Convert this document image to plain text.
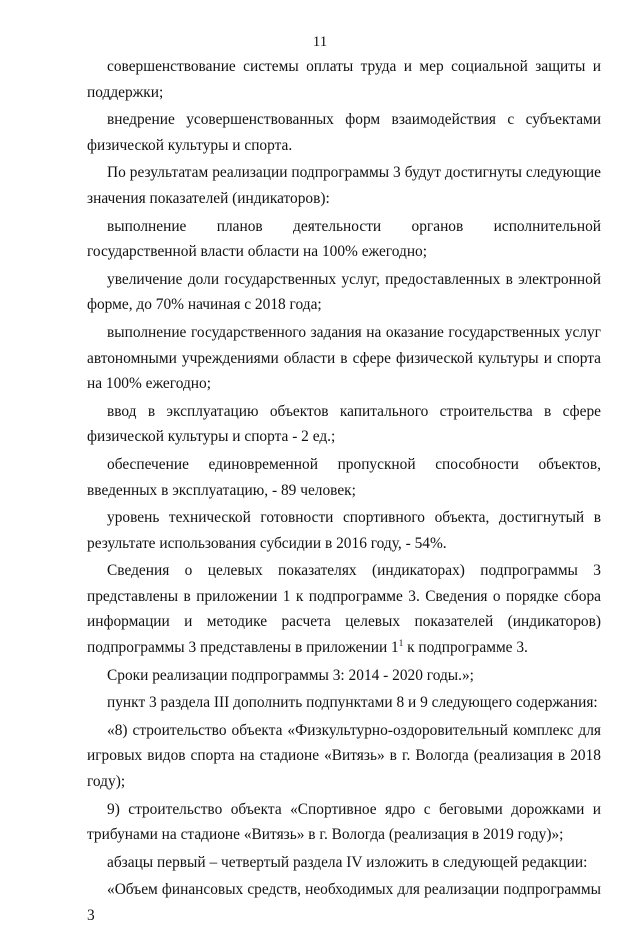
11

совершенствование системы оплаты труда и мер социальной защиты и поддержки;

внедрение усовершенствованных форм взаимодействия с субъектами физической культуры и спорта.

По результатам реализации подпрограммы 3 будут достигнуты следующие значения показателей (индикаторов):

выполнение планов деятельности органов исполнительной государственной власти области на 100% ежегодно;

увеличение доли государственных услуг, предоставленных в электронной форме, до 70% начиная с 2018 года;

выполнение государственного задания на оказание государственных услуг автономными учреждениями области в сфере физической культуры и спорта на 100% ежегодно;

ввод в эксплуатацию объектов капитального строительства в сфере физической культуры и спорта - 2 ед.;

обеспечение единовременной пропускной способности объектов, введенных в эксплуатацию, - 89 человек;

уровень технической готовности спортивного объекта, достигнутый в результате использования субсидии в 2016 году, - 54%.

Сведения о целевых показателях (индикаторах) подпрограммы 3 представлены в приложении 1 к подпрограмме 3. Сведения о порядке сбора информации и методике расчета целевых показателей (индикаторов) подпрограммы 3 представлены в приложении $1^1$ к подпрограмме 3.

Сроки реализации подпрограммы 3: 2014 - 2020 годы.»;

пункт 3 раздела III дополнить подпунктами 8 и 9 следующего содержания:

«8) строительство объекта «Физкультурно-оздоровительный комплекс для игровых видов спорта на стадионе «Витязь» в г. Вологда (реализация в 2018 году);

9) строительство объекта «Спортивное ядро с беговыми дорожками и трибунами на стадионе «Витязь» в г. Вологда (реализация в 2019 году)»;

абзацы первый – четвертый раздела IV изложить в следующей редакции:

«Объем финансовых средств, необходимых для реализации подпрограммы 3
